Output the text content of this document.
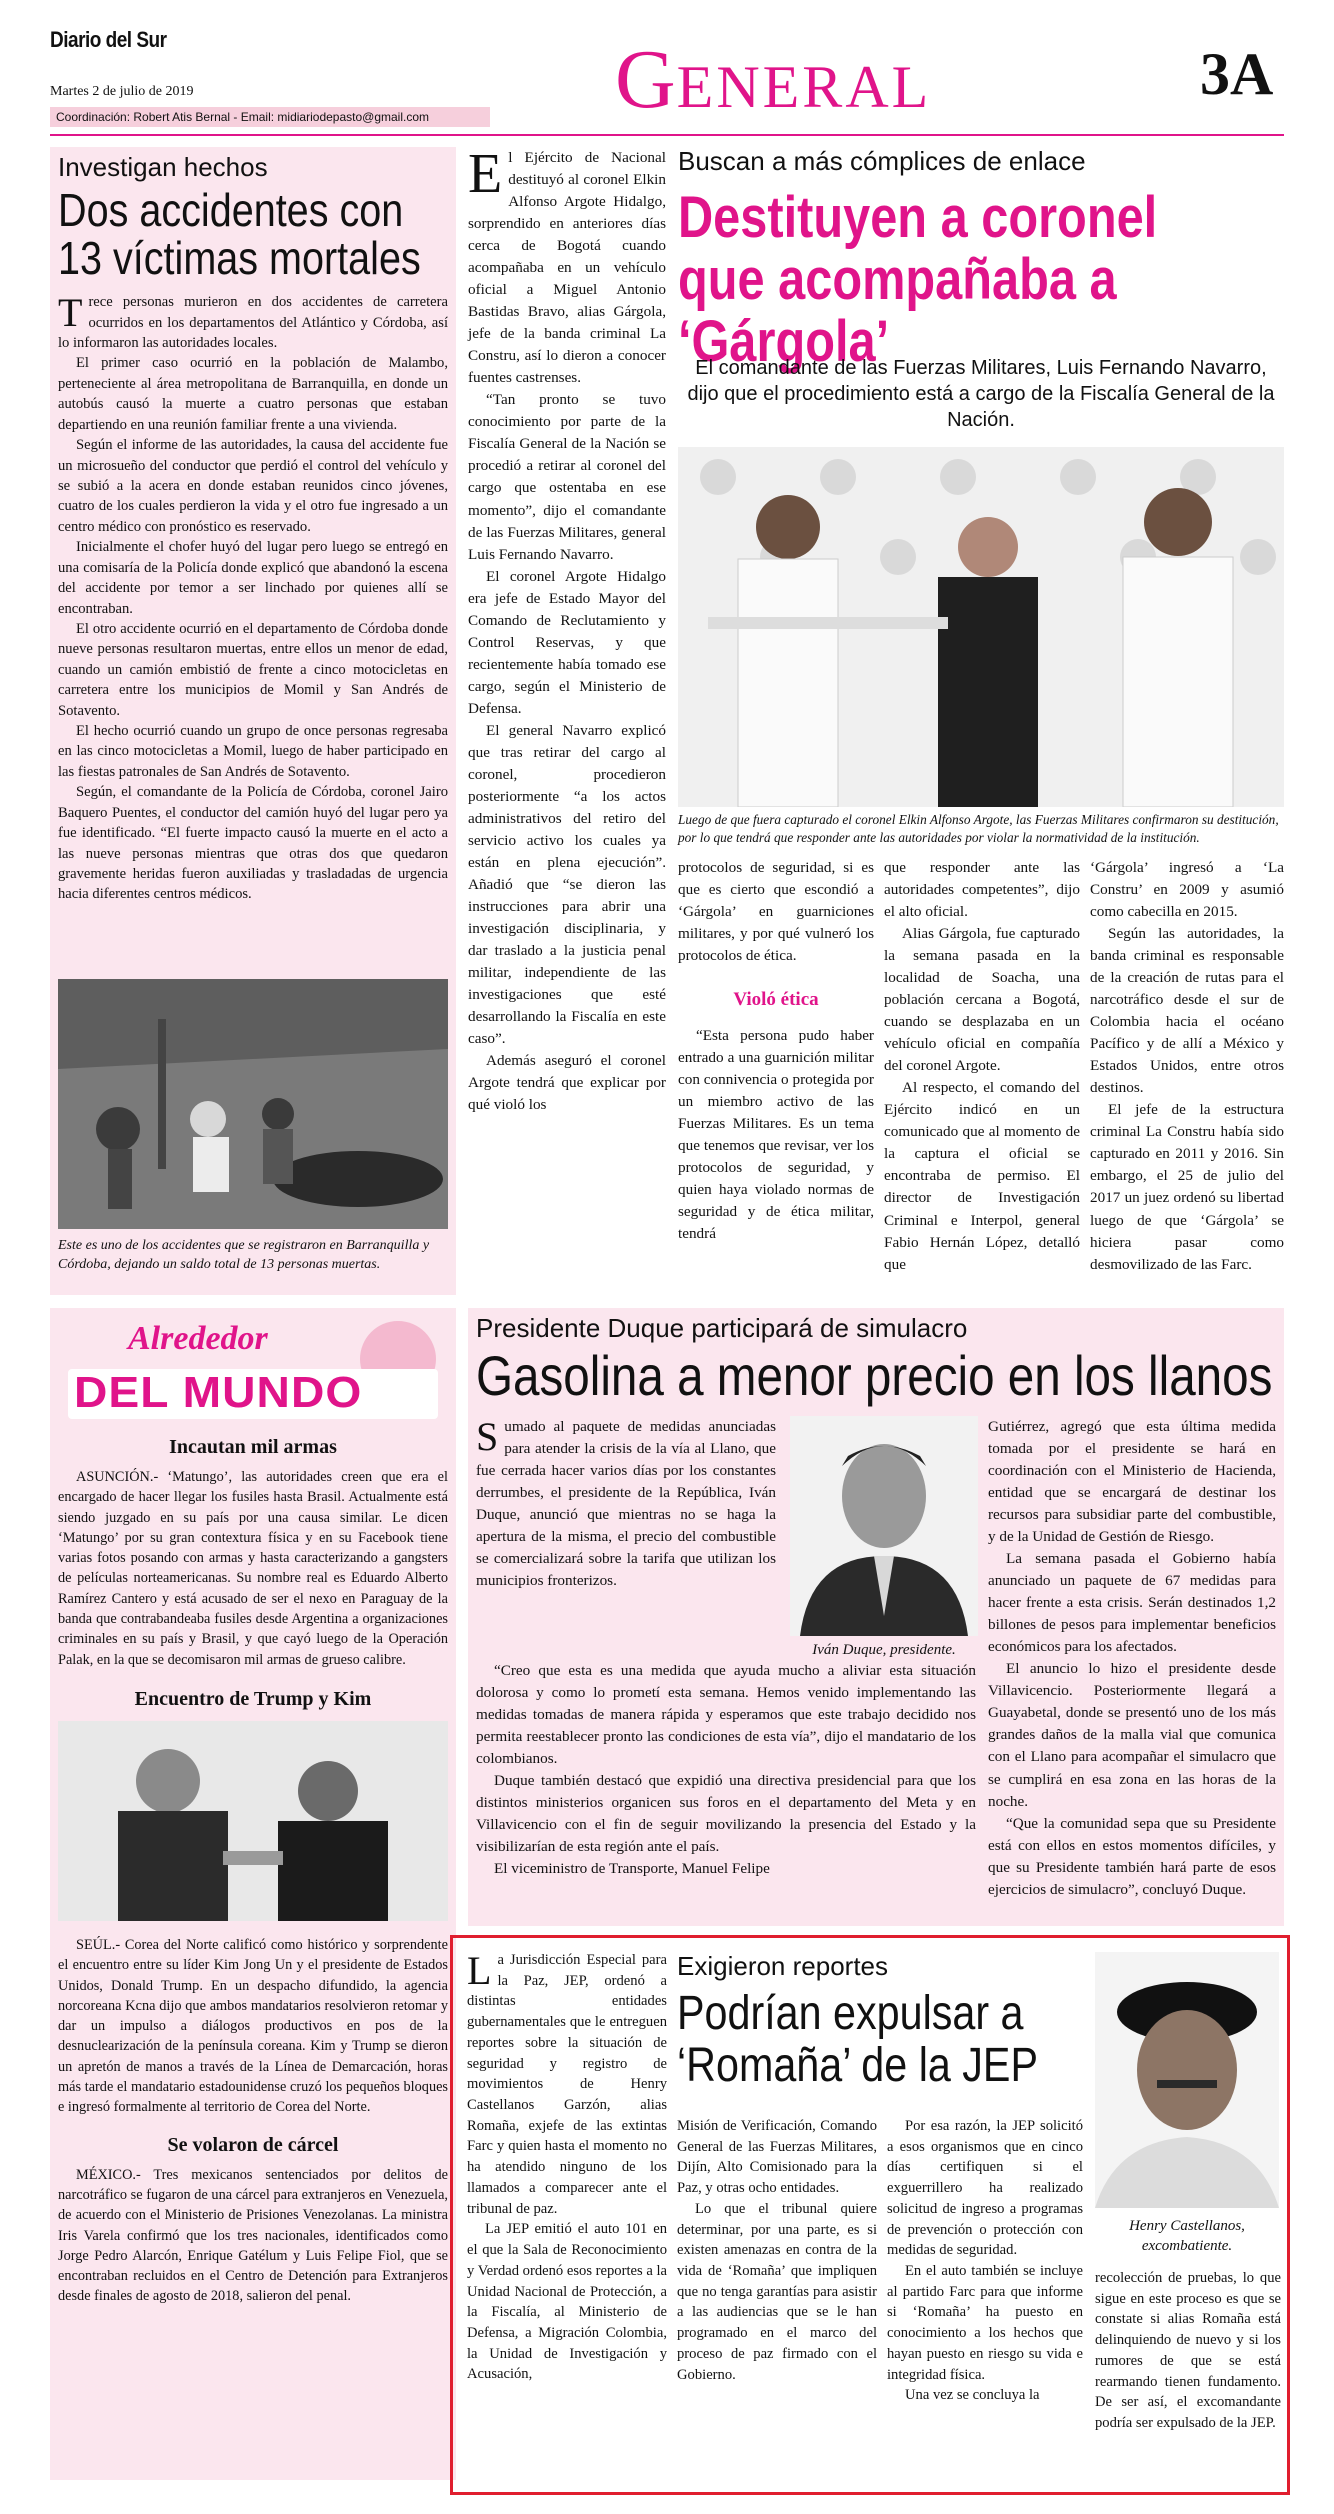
Diario del Sur
Martes 2 de julio de 2019
Coordinación: Robert Atis Bernal - Email: midiariodepasto@gmail.com	GENERAL	3A
Investigan hechos
Dos accidentes con 13 víctimas mortales

Trece personas murieron en dos accidentes de carretera ocurridos en los departamentos del Atlántico y Córdoba, así lo informaron las autoridades locales.

El primer caso ocurrió en la población de Malambo, perteneciente al área metropolitana de Barranquilla, en donde un autobús causó la muerte a cuatro personas que estaban departiendo en una reunión familiar frente a una vivienda.

Según el informe de las autoridades, la causa del accidente fue un microsueño del conductor que perdió el control del vehículo y se subió a la acera en donde estaban reunidos cinco jóvenes, cuatro de los cuales perdieron la vida y el otro fue ingresado a un centro médico con pronóstico es reservado.

Inicialmente el chofer huyó del lugar pero luego se entregó en una comisaría de la Policía donde explicó que abandonó la escena del accidente por temor a ser linchado por quienes allí se encontraban.

El otro accidente ocurrió en el departamento de Córdoba donde nueve personas resultaron muertas, entre ellos un menor de edad, cuando un camión embistió de frente a cinco motocicletas en carretera entre los municipios de Momil y San Andrés de Sotavento.

El hecho ocurrió cuando un grupo de once personas regresaba en las cinco motocicletas a Momil, luego de haber participado en las fiestas patronales de San Andrés de Sotavento.

Según, el comandante de la Policía de Córdoba, coronel Jairo Baquero Puentes, el conductor del camión huyó del lugar pero ya fue identificado. “El fuerte impacto causó la muerte en el acto a las nueve personas mientras que otras dos que quedaron gravemente heridas fueron auxiliadas y trasladadas de urgencia hacia diferentes centros médicos.

Este es uno de los accidentes que se registraron en Barranquilla y Córdoba, dejando un saldo total de 13 personas muertas.
Buscan a más cómplices de enlace
Destituyen a coronel que acompañaba a ‘Gárgola’
El comandante de las Fuerzas Militares, Luis Fernando Navarro, dijo que el procedimiento está a cargo de la Fiscalía General de la Nación.
Luego de que fuera capturado el coronel Elkin Alfonso Argote, las Fuerzas Militares confirmaron su destitución, por lo que tendrá que responder ante las autoridades por violar la normatividad de la institución.

El Ejército de Nacional destituyó al coronel Elkin Alfonso Argote Hidalgo, sorprendido en anteriores días cerca de Bogotá cuando acompañaba en un vehículo oficial a Miguel Antonio Bastidas Bravo, alias Gárgola, jefe de la banda criminal La Constru, así lo dieron a conocer fuentes castrenses.

“Tan pronto se tuvo conocimiento por parte de la Fiscalía General de la Nación se procedió a retirar al coronel del cargo que ostentaba en ese momento”, dijo el comandante de las Fuerzas Militares, general Luis Fernando Navarro.

El coronel Argote Hidalgo era jefe de Estado Mayor del Comando de Reclutamiento y Control Reservas, y que recientemente había tomado ese cargo, según el Ministerio de Defensa.

El general Navarro explicó que tras retirar del cargo al coronel, procedieron posteriormente “a los actos administrativos del retiro del servicio activo los cuales ya están en plena ejecución”. Añadió que “se dieron las instrucciones para abrir una investigación disciplinaria, y dar traslado a la justicia penal militar, independiente de las investigaciones que esté desarrollando la Fiscalía en este caso”.

Además aseguró el coronel Argote tendrá que explicar por qué violó los

protocolos de seguridad, si es que es cierto que escondió a ‘Gárgola’ en guarniciones militares, y por qué vulneró los protocolos de ética.

Violó ética

“Esta persona pudo haber entrado a una guarnición militar con connivencia o protegida por un miembro activo de las Fuerzas Militares. Es un tema que tenemos que revisar, ver los protocolos de seguridad, y quien haya violado normas de seguridad y de ética militar, tendrá

que responder ante las autoridades competentes”, dijo el alto oficial.

Alias Gárgola, fue capturado la semana pasada en la localidad de Soacha, una población cercana a Bogotá, cuando se desplazaba en un vehículo oficial en compañía del coronel Argote.

Al respecto, el comando del Ejército indicó en un comunicado que al momento de la captura el oficial se encontraba de permiso. El director de Investigación Criminal e Interpol, general Fabio Hernán López, detalló que

‘Gárgola’ ingresó a ‘La Constru’ en 2009 y asumió como cabecilla en 2015.

Según las autoridades, la banda criminal es responsable de la creación de rutas para el narcotráfico desde el sur de Colombia hacia el océano Pacífico y de allí a México y Estados Unidos, entre otros destinos.

El jefe de la estructura criminal La Constru había sido capturado en 2011 y 2016. Sin embargo, el 25 de julio del 2017 un juez ordenó su libertad luego de que ‘Gárgola’ se hiciera pasar como desmovilizado de las Farc.

Alrededor
DEL MUNDO
Incautan mil armas
ASUNCIÓN.- ‘Matungo’, las autoridades creen que era el encargado de hacer llegar los fusiles hasta Brasil. Actualmente está siendo juzgado en su país por una causa similar. Le dicen ‘Matungo’ por su gran contextura física y en su Facebook tiene varias fotos posando con armas y hasta caracterizando a gangsters de películas norteamericanas. Su nombre real es Eduardo Alberto Ramírez Cantero y está acusado de ser el nexo en Paraguay de la banda que contrabandeaba fusiles desde Argentina a organizaciones criminales en su país y Brasil, y que cayó luego de la Operación Palak, en la que se decomisaron mil armas de grueso calibre.
Encuentro de Trump y Kim
SEÚL.- Corea del Norte calificó como histórico y sorprendente el encuentro entre su líder Kim Jong Un y el presidente de Estados Unidos, Donald Trump. En un despacho difundido, la agencia norcoreana Kcna dijo que ambos mandatarios resolvieron retomar y dar un impulso a diálogos productivos en pos de la desnuclearización de la península coreana. Kim y Trump se dieron un apretón de manos a través de la Línea de Demarcación, horas más tarde el mandatario estadounidense cruzó los pequeños bloques e ingresó formalmente al territorio de Corea del Norte.
Se volaron de cárcel
MÉXICO.- Tres mexicanos sentenciados por delitos de narcotráfico se fugaron de una cárcel para extranjeros en Venezuela, de acuerdo con el Ministerio de Prisiones Venezolanas. La ministra Iris Varela confirmó que los tres nacionales, identificados como Jorge Pedro Alarcón, Enrique Gatélum y Luis Felipe Fiol, que se encontraban recluidos en el Centro de Detención para Extranjeros desde finales de agosto de 2018, salieron del penal.
Presidente Duque participará de simulacro
Gasolina a menor precio en los llanos

Sumado al paquete de medidas anunciadas para atender la crisis de la vía al Llano, que fue cerrada hacer varios días por los constantes derrumbes, el presidente de la República, Iván Duque, anunció que mientras no se haga la apertura de la misma, el precio del combustible se comercializará sobre la tarifa que utilizan los municipios fronterizos.

Iván Duque, presidente.

“Creo que esta es una medida que ayuda mucho a aliviar esta situación dolorosa y como lo prometí esta semana. Hemos venido implementando las medidas tomadas de manera rápida y esperamos que este trabajo decidido nos permita reestablecer pronto las condiciones de esta vía”, dijo el mandatario de los colombianos.

Duque también destacó que expidió una directiva presidencial para que los distintos ministerios organicen sus foros en el departamento del Meta y en Villavicencio con el fin de seguir movilizando la presencia del Estado y la visibilizarían de esta región ante el país.

El viceministro de Transporte, Manuel Felipe

Gutiérrez, agregó que esta última medida tomada por el presidente se hará en coordinación con el Ministerio de Hacienda, entidad que se encargará de destinar los recursos para subsidiar parte del combustible, y de la Unidad de Gestión de Riesgo.

La semana pasada el Gobierno había anunciado un paquete de 67 medidas para hacer frente a esta crisis. Serán destinados 1,2 billones de pesos para implementar beneficios económicos para los afectados.

El anuncio lo hizo el presidente desde Villavicencio. Posteriormente llegará a Guayabetal, donde se presentó uno de los más grandes daños de la malla vial que comunica con el Llano para acompañar el simulacro que se cumplirá en esa zona en las horas de la noche.

“Que la comunidad sepa que su Presidente está con ellos en estos momentos difíciles, y que su Presidente también hará parte de esos ejercicios de simulacro”, concluyó Duque.

La Jurisdicción Especial para la Paz, JEP, ordenó a distintas entidades gubernamentales que le entreguen reportes sobre la situación de seguridad y registro de movimientos de Henry Castellanos Garzón, alias Romaña, exjefe de las extintas Farc y quien hasta el momento no ha atendido ninguno de los llamados a comparecer ante el tribunal de paz.

La JEP emitió el auto 101 en el que la Sala de Reconocimiento y Verdad ordenó esos reportes a la Unidad Nacional de Protección, a la Fiscalía, al Ministerio de Defensa, a Migración Colombia, la Unidad de Investigación y Acusación,

Exigieron reportes
Podrían expulsar a ‘Romaña’ de la JEP

Misión de Verificación, Comando General de las Fuerzas Militares, Dijín, Alto Comisionado para la Paz, y otras ocho entidades.

Lo que el tribunal quiere determinar, por una parte, es si existen amenazas en contra de la vida de ‘Romaña’ que impliquen que no tenga garantías para asistir a las audiencias que se le han programado en el marco del proceso de paz firmado con el Gobierno.

Por esa razón, la JEP solicitó a esos organismos que en cinco días certifiquen si el exguerrillero ha realizado solicitud de ingreso a programas de prevención o protección con medidas de seguridad.

En el auto también se incluye al partido Farc para que informe si ‘Romaña’ ha puesto en conocimiento a los hechos que hayan puesto en riesgo su vida e integridad física.

Una vez se concluya la

Henry Castellanos, excombatiente.

recolección de pruebas, lo que sigue en este proceso es que se constate si alias Romaña está delinquiendo de nuevo y si los rumores de que se está rearmando tienen fundamento. De ser así, el excomandante podría ser expulsado de la JEP.
